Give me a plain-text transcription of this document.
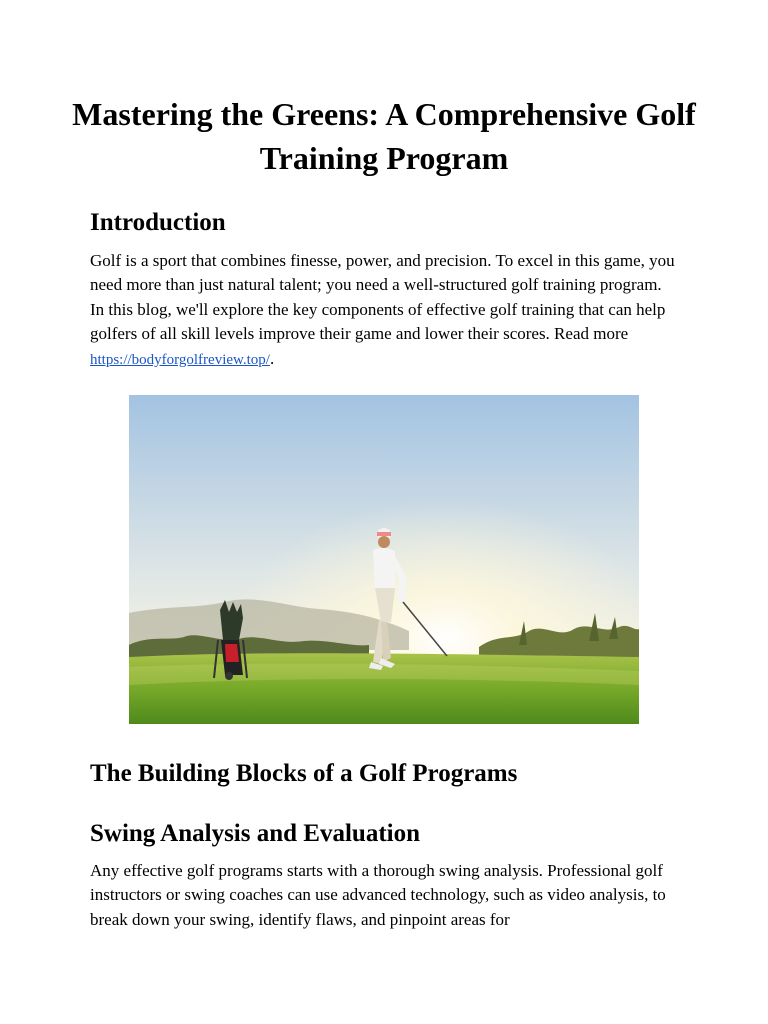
Mastering the Greens: A Comprehensive Golf Training Program
Introduction

Golf is a sport that combines finesse, power, and precision. To excel in this game, you need more than just natural talent; you need a well-structured golf training program. In this blog, we'll explore the key components of effective golf training that can help golfers of all skill levels improve their game and lower their scores. Read more https://bodyforgolfreview.top/.

The Building Blocks of a Golf Programs
Swing Analysis and Evaluation

Any effective golf programs starts with a thorough swing analysis. Professional golf instructors or swing coaches can use advanced technology, such as video analysis, to break down your swing, identify flaws, and pinpoint areas for
